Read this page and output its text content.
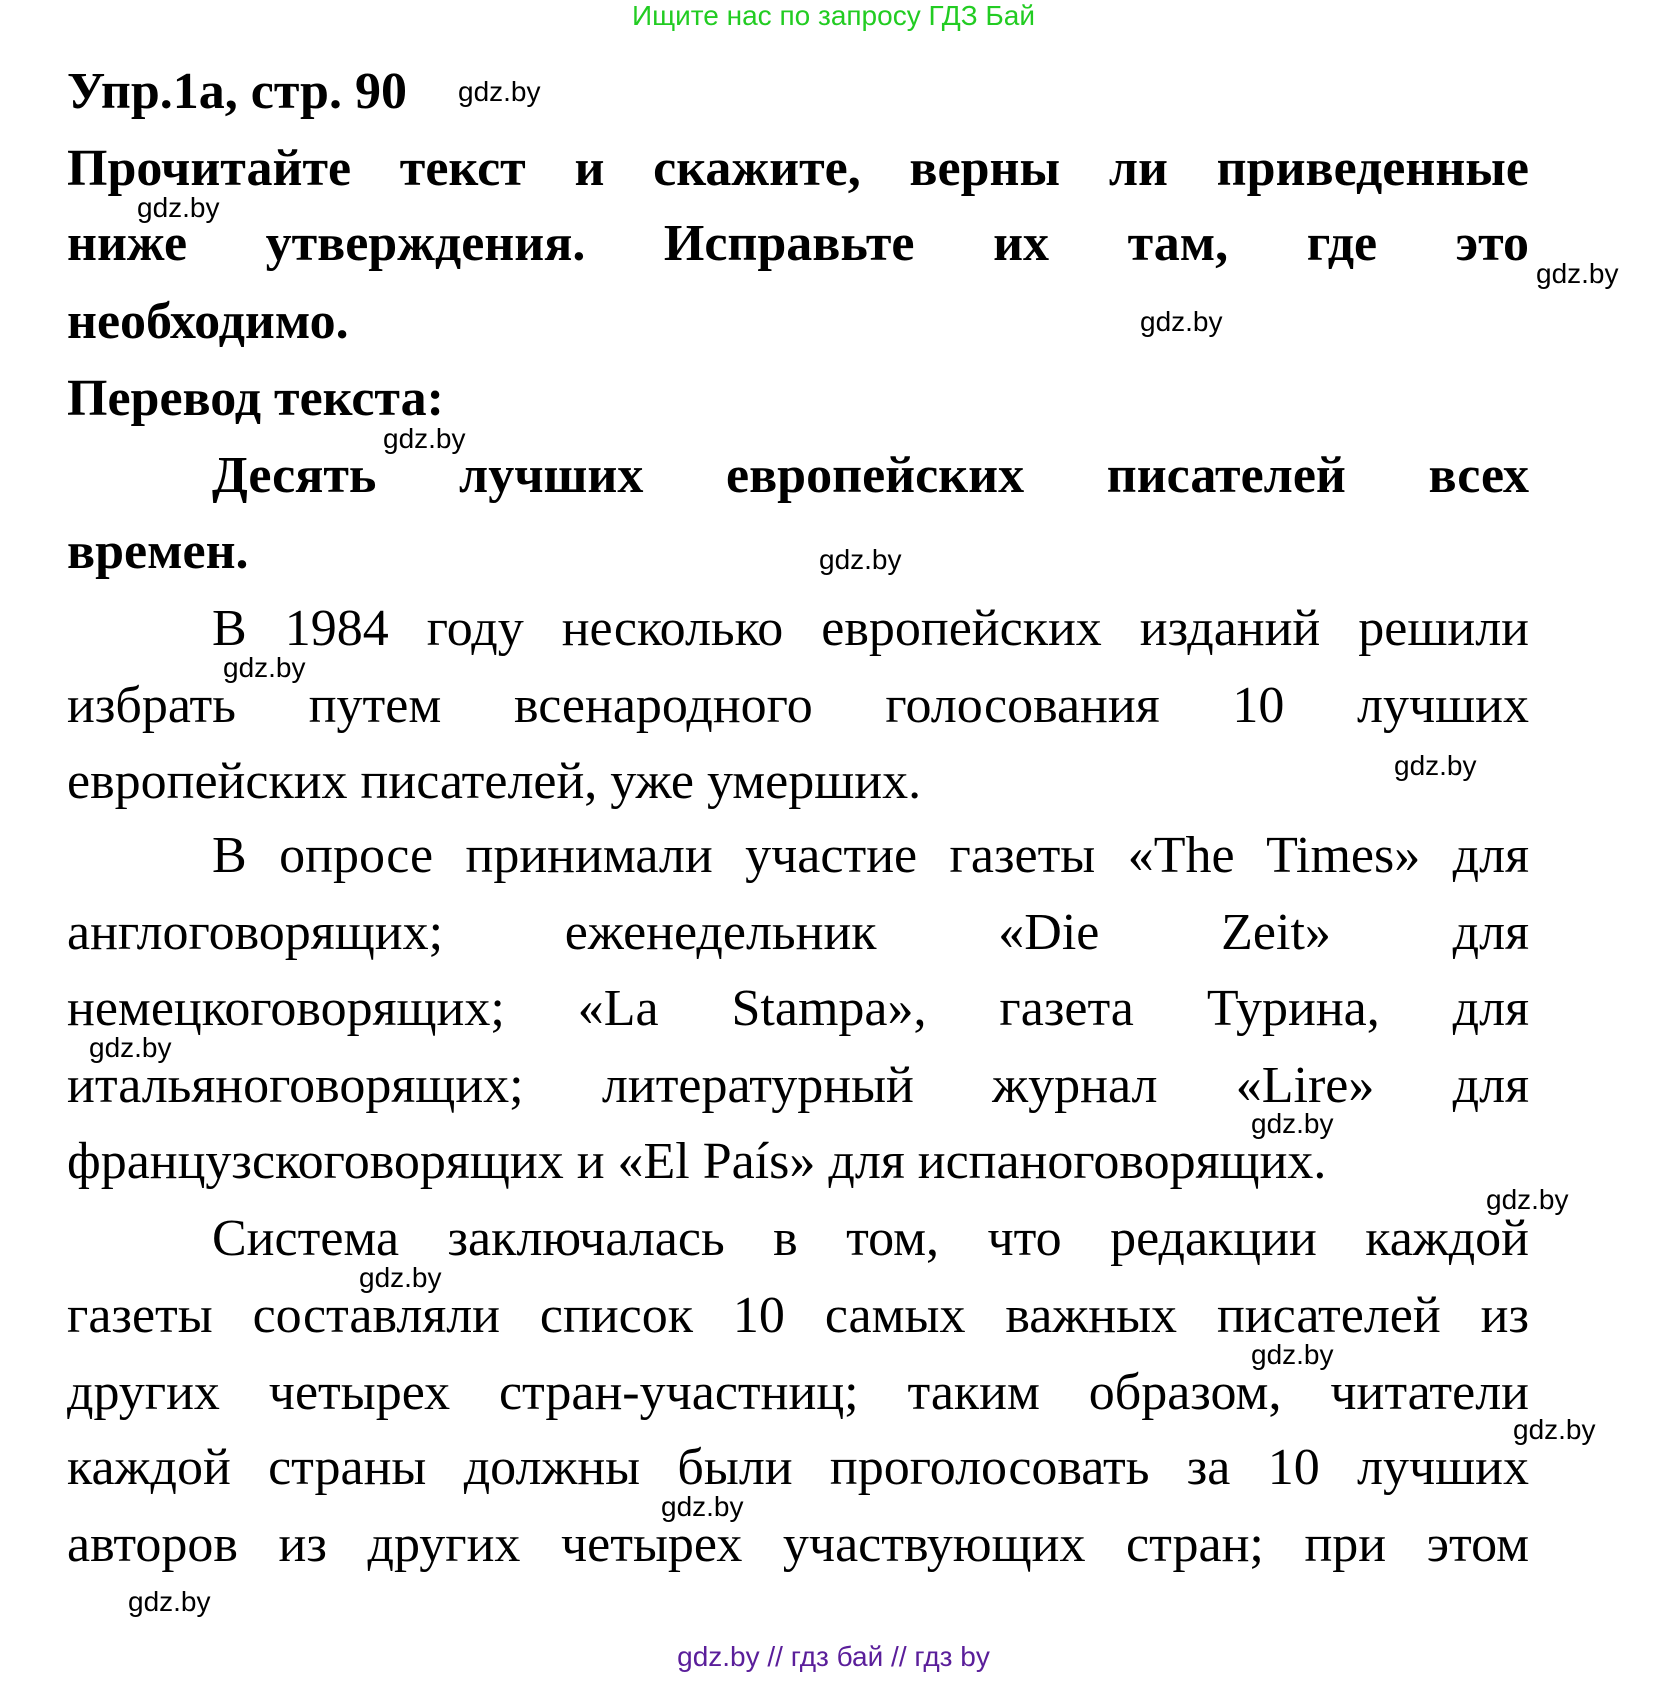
Ищите нас по запросу ГДЗ Бай
Упр.1а, стр. 90
Прочитайте текст и скажите, верны ли приведенные
ниже утверждения. Исправьте их там, где это
необходимо.
Перевод текста:
Десять лучших европейских писателей всех
времен.
В 1984 году несколько европейских изданий решили
избрать путем всенародного голосования 10 лучших
европейских писателей, уже умерших.
В опросе принимали участие газеты «The Times» для
англоговорящих; еженедельник «Die Zeit» для
немецкоговорящих; «La Stampa», газета Турина, для
итальяноговорящих; литературный журнал «Lire» для
французскоговорящих и «El País» для испаноговорящих.
Система заключалась в том, что редакции каждой
газеты составляли список 10 самых важных писателей из
других четырех стран-участниц; таким образом, читатели
каждой страны должны были проголосовать за 10 лучших
авторов из других четырех участвующих стран; при этом
gdz.by
gdz.by
gdz.by
gdz.by
gdz.by
gdz.by
gdz.by
gdz.by
gdz.by
gdz.by
gdz.by
gdz.by
gdz.by
gdz.by
gdz.by
gdz.by
gdz.by // гдз бай // гдз by
